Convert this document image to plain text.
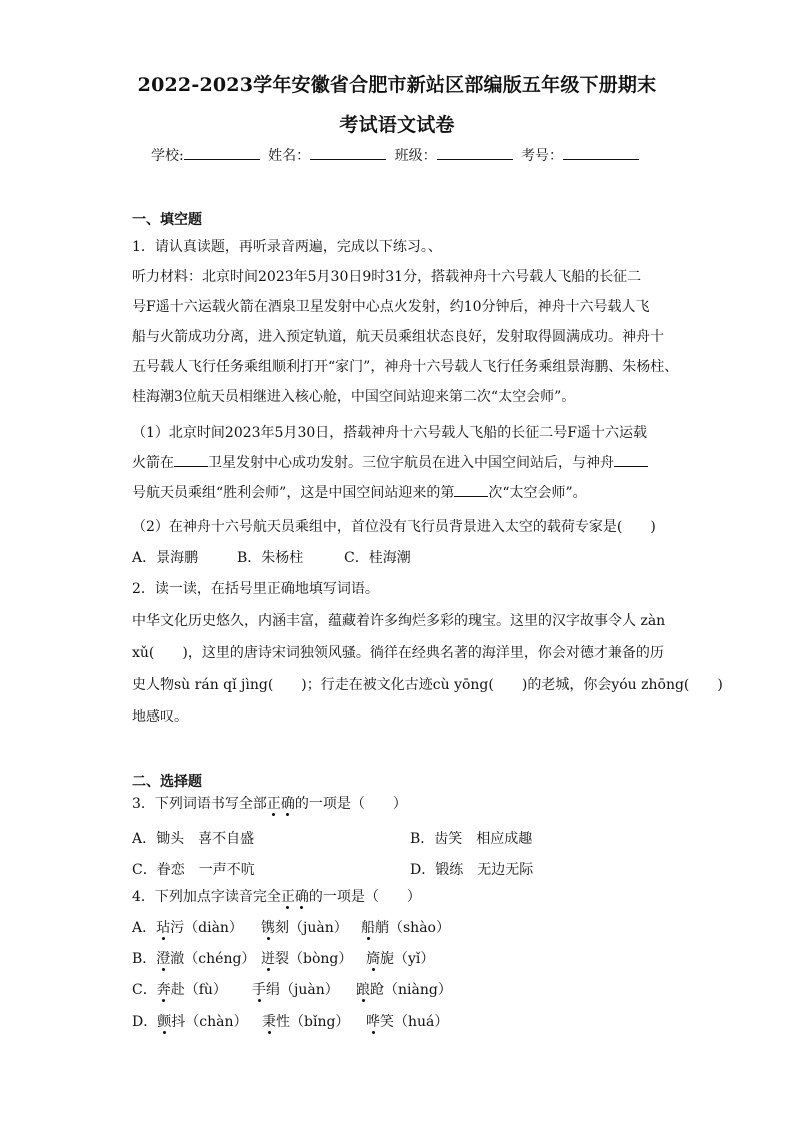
2022-2023学年安徽省合肥市新站区部编版五年级下册期末
考试语文试卷
学校:	姓名：	班级：	考号：
一、填空题
1．请认真读题，再听录音两遍，完成以下练习。、
听力材料：北京时间2023年5月30日9时31分，搭载神舟十六号载人飞船的长征二
号F遥十六运载火箭在酒泉卫星发射中心点火发射，约10分钟后，神舟十六号载人飞
船与火箭成功分离，进入预定轨道，航天员乘组状态良好，发射取得圆满成功。神舟十
五号载人飞行任务乘组顺利打开“家门”，神舟十六号载人飞行任务乘组景海鹏、朱杨柱、
桂海潮3位航天员相继进入核心舱，中国空间站迎来第二次“太空会师”。
（1）北京时间2023年5月30日，搭载神舟十六号载人飞船的长征二号F遥十六运载
火箭在 卫星发射中心成功发射。三位宇航员在进入中国空间站后，与神舟
号航天员乘组“胜利会师”，这是中国空间站迎来的第 次“太空会师”。
（2）在神舟十六号航天员乘组中，首位没有飞行员背景进入太空的载荷专家是(　　)
A．景海鹏	B．朱杨柱	C．桂海潮
2．读一读，在括号里正确地填写词语。
中华文化历史悠久，内涵丰富，蕴藏着许多绚烂多彩的瑰宝。这里的汉字故事令人 zàn
xǔ(　　)，这里的唐诗宋词独领风骚。徜徉在经典名著的海洋里，你会对德才兼备的历
史人物sù rán qǐ jìng(　　)；行走在被文化古迹cù yōng(　　)的老城，你会yóu zhōng(　　)
地感叹。
二、选择题
3．下列词语书写全部正确的一项是（　　）
A．锄头　喜不自盛	B．齿笑　相应成趣
C．眷恋　一声不吭	D．锻练　无边无际
4．下列加点字读音完全正确的一项是（　　）
A．玷污（diàn） 镌刻（juàn） 船艄（shào）
B．澄澈（chéng） 迸裂（bòng） 旖旎（yǐ）
C．奔赴（fù） 手绢（juàn） 踉跄（niàng）
D．颤抖（chàn） 秉性（bǐng） 哗笑（huá）
